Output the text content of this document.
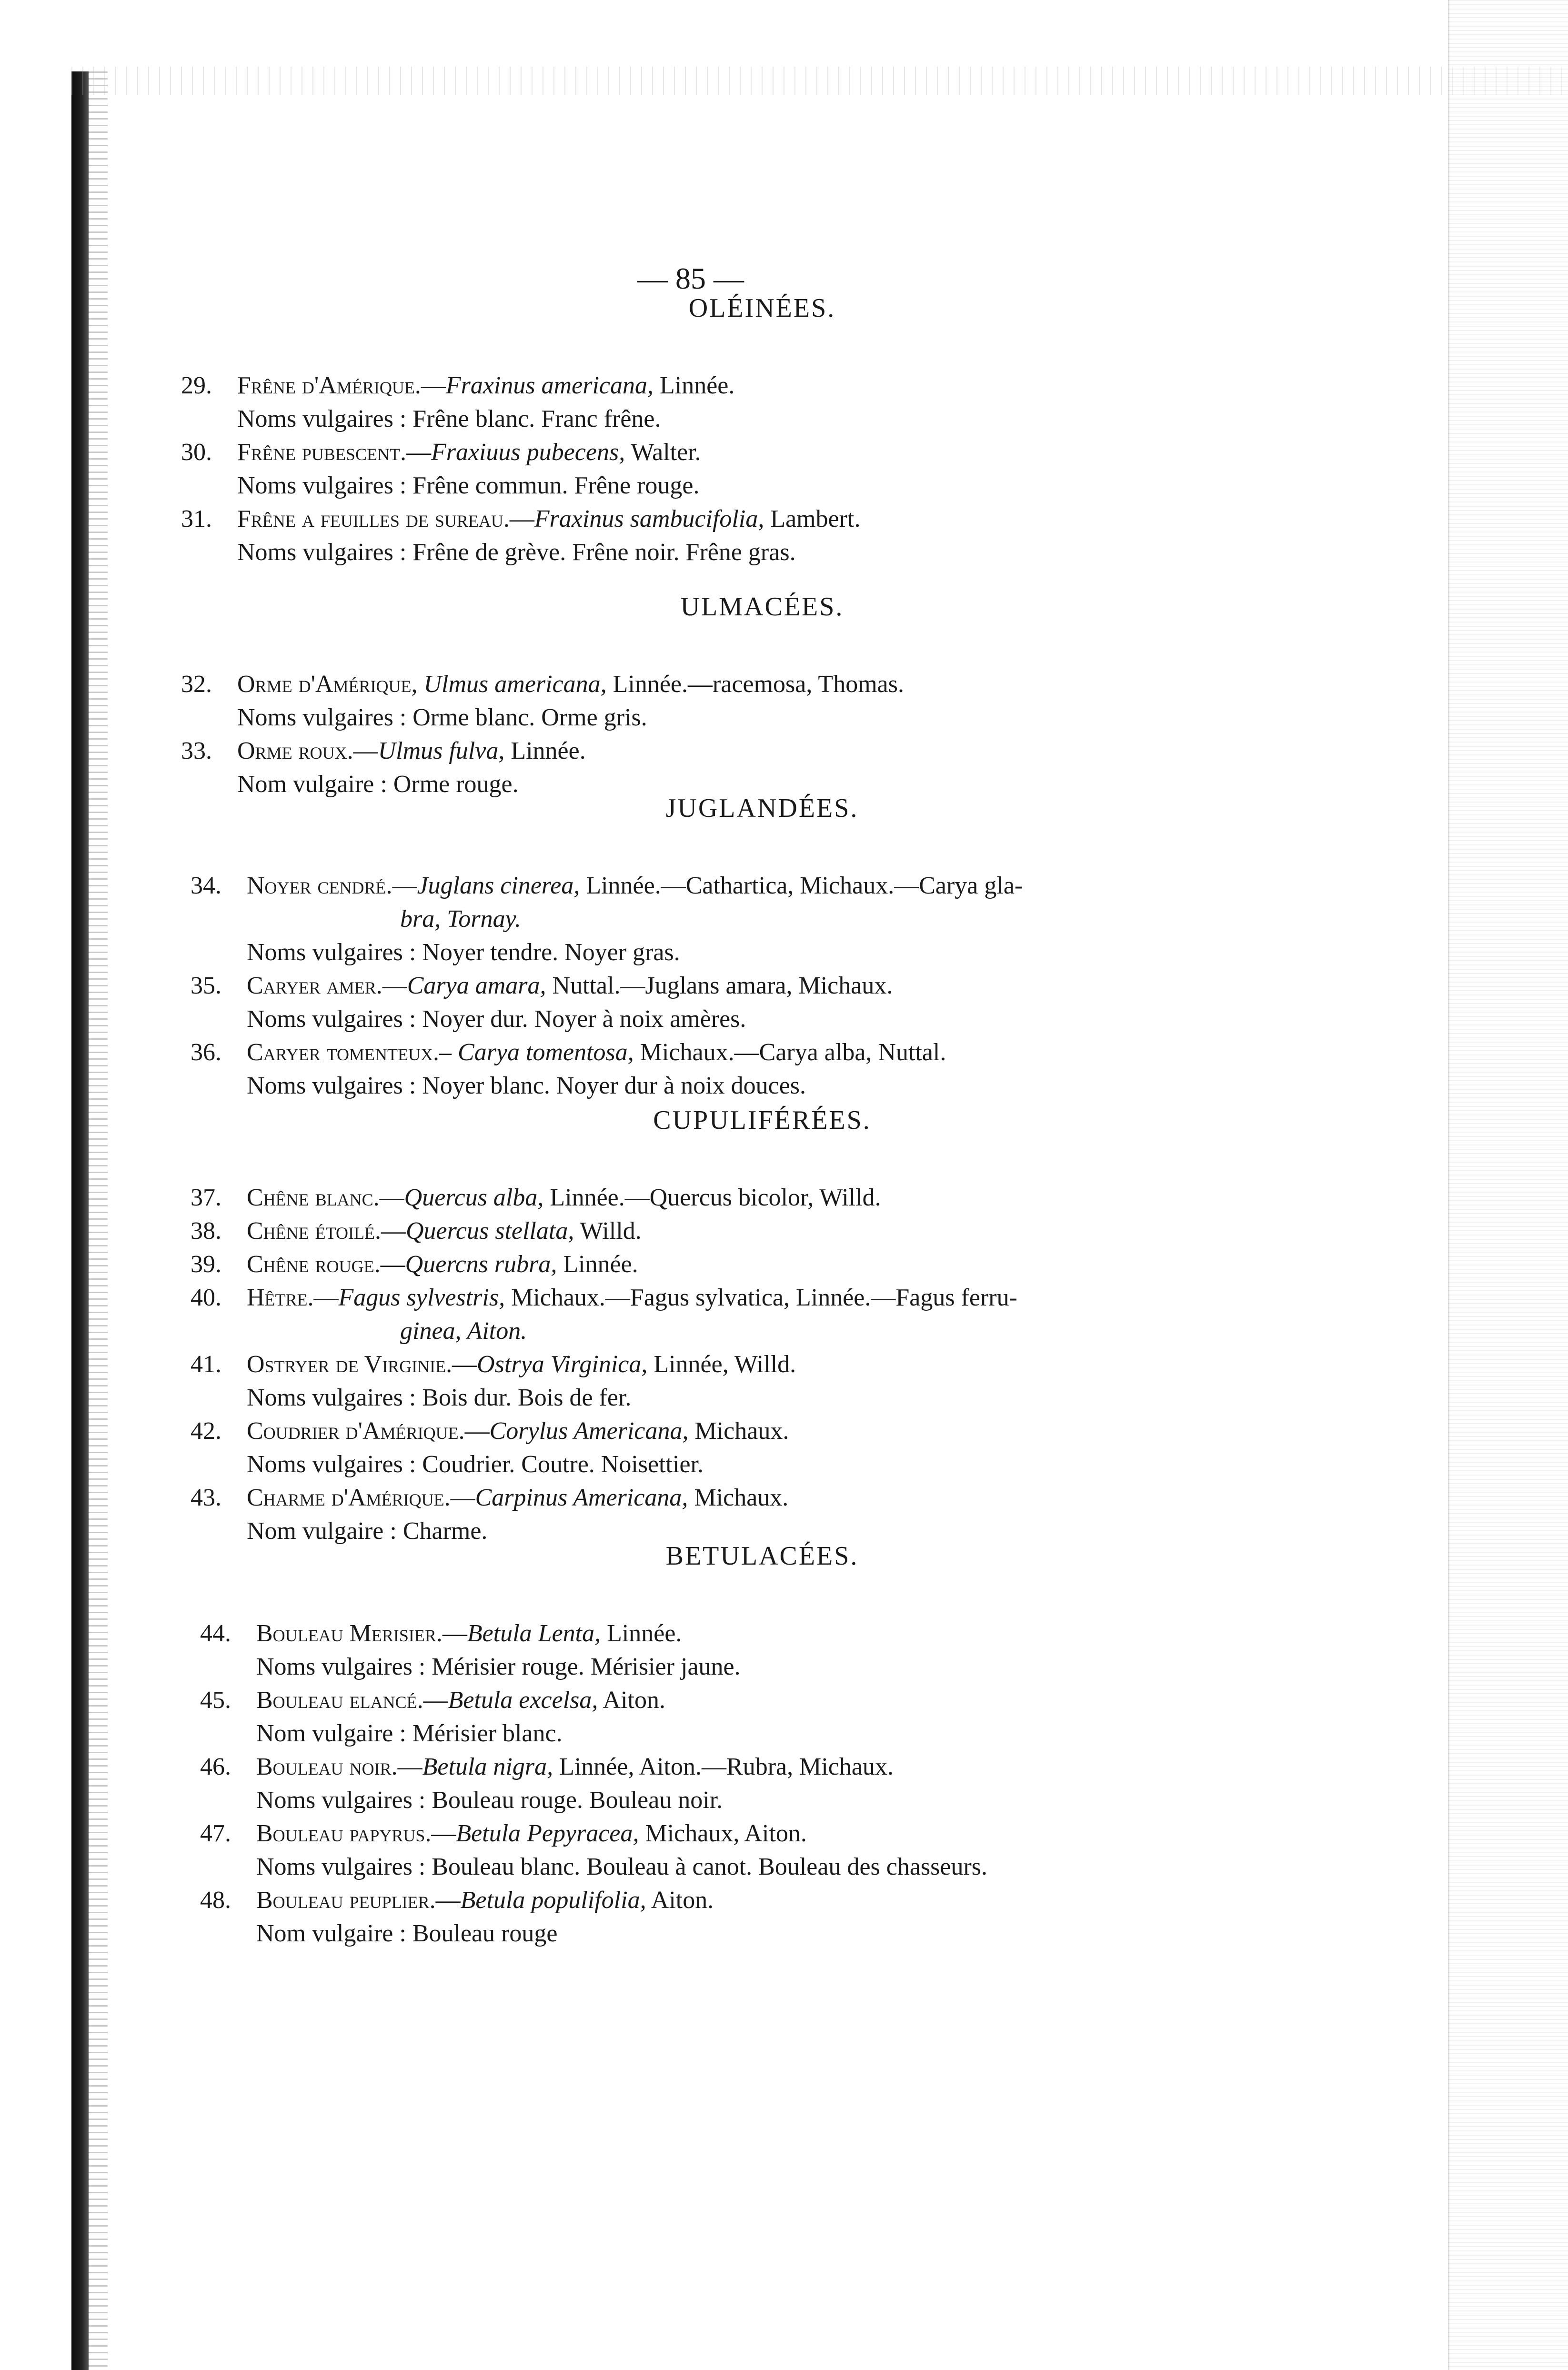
— 85 —
OLÉINÉES.
29. Frêne d'Amérique.—Fraxinus americana, Linnée.
Noms vulgaires : Frêne blanc. Franc frêne.
30. Frêne pubescent.—Fraxiuus pubecens, Walter.
Noms vulgaires : Frêne commun. Frêne rouge.
31. Frêne a feuilles de sureau.—Fraxinus sambucifolia, Lambert.
Noms vulgaires : Frêne de grève. Frêne noir. Frêne gras.
ULMACÉES.
32. Orme d'Amérique, Ulmus americana, Linnée.—racemosa, Thomas.
Noms vulgaires : Orme blanc. Orme gris.
33. Orme roux.—Ulmus fulva, Linnée.
Nom vulgaire : Orme rouge.
JUGLANDÉES.
34. Noyer cendré.—Juglans cinerea, Linnée.—Cathartica, Michaux.—Carya gla-
bra, Tornay.
Noms vulgaires : Noyer tendre. Noyer gras.
35. Caryer amer.—Carya amara, Nuttal.—Juglans amara, Michaux.
Noms vulgaires : Noyer dur. Noyer à noix amères.
36. Caryer tomenteux.– Carya tomentosa, Michaux.—Carya alba, Nuttal.
Noms vulgaires : Noyer blanc. Noyer dur à noix douces.
CUPULIFÉRÉES.
37. Chêne blanc.—Quercus alba, Linnée.—Quercus bicolor, Willd.
38. Chêne étoilé.—Quercus stellata, Willd.
39. Chêne rouge.—Quercns rubra, Linnée.
40. Hêtre.—Fagus sylvestris, Michaux.—Fagus sylvatica, Linnée.—Fagus ferru-
ginea, Aiton.
41. Ostryer de Virginie.—Ostrya Virginica, Linnée, Willd.
Noms vulgaires : Bois dur. Bois de fer.
42. Coudrier d'Amérique.—Corylus Americana, Michaux.
Noms vulgaires : Coudrier. Coutre. Noisettier.
43. Charme d'Amérique.—Carpinus Americana, Michaux.
Nom vulgaire : Charme.
BETULACÉES.
44. Bouleau Merisier.—Betula Lenta, Linnée.
Noms vulgaires : Mérisier rouge. Mérisier jaune.
45. Bouleau elancé.—Betula excelsa, Aiton.
Nom vulgaire : Mérisier blanc.
46. Bouleau noir.—Betula nigra, Linnée, Aiton.—Rubra, Michaux.
Noms vulgaires : Bouleau rouge. Bouleau noir.
47. Bouleau papyrus.—Betula Pepyracea, Michaux, Aiton.
Noms vulgaires : Bouleau blanc. Bouleau à canot. Bouleau des chasseurs.
48. Bouleau peuplier.—Betula populifolia, Aiton.
Nom vulgaire : Bouleau rouge
